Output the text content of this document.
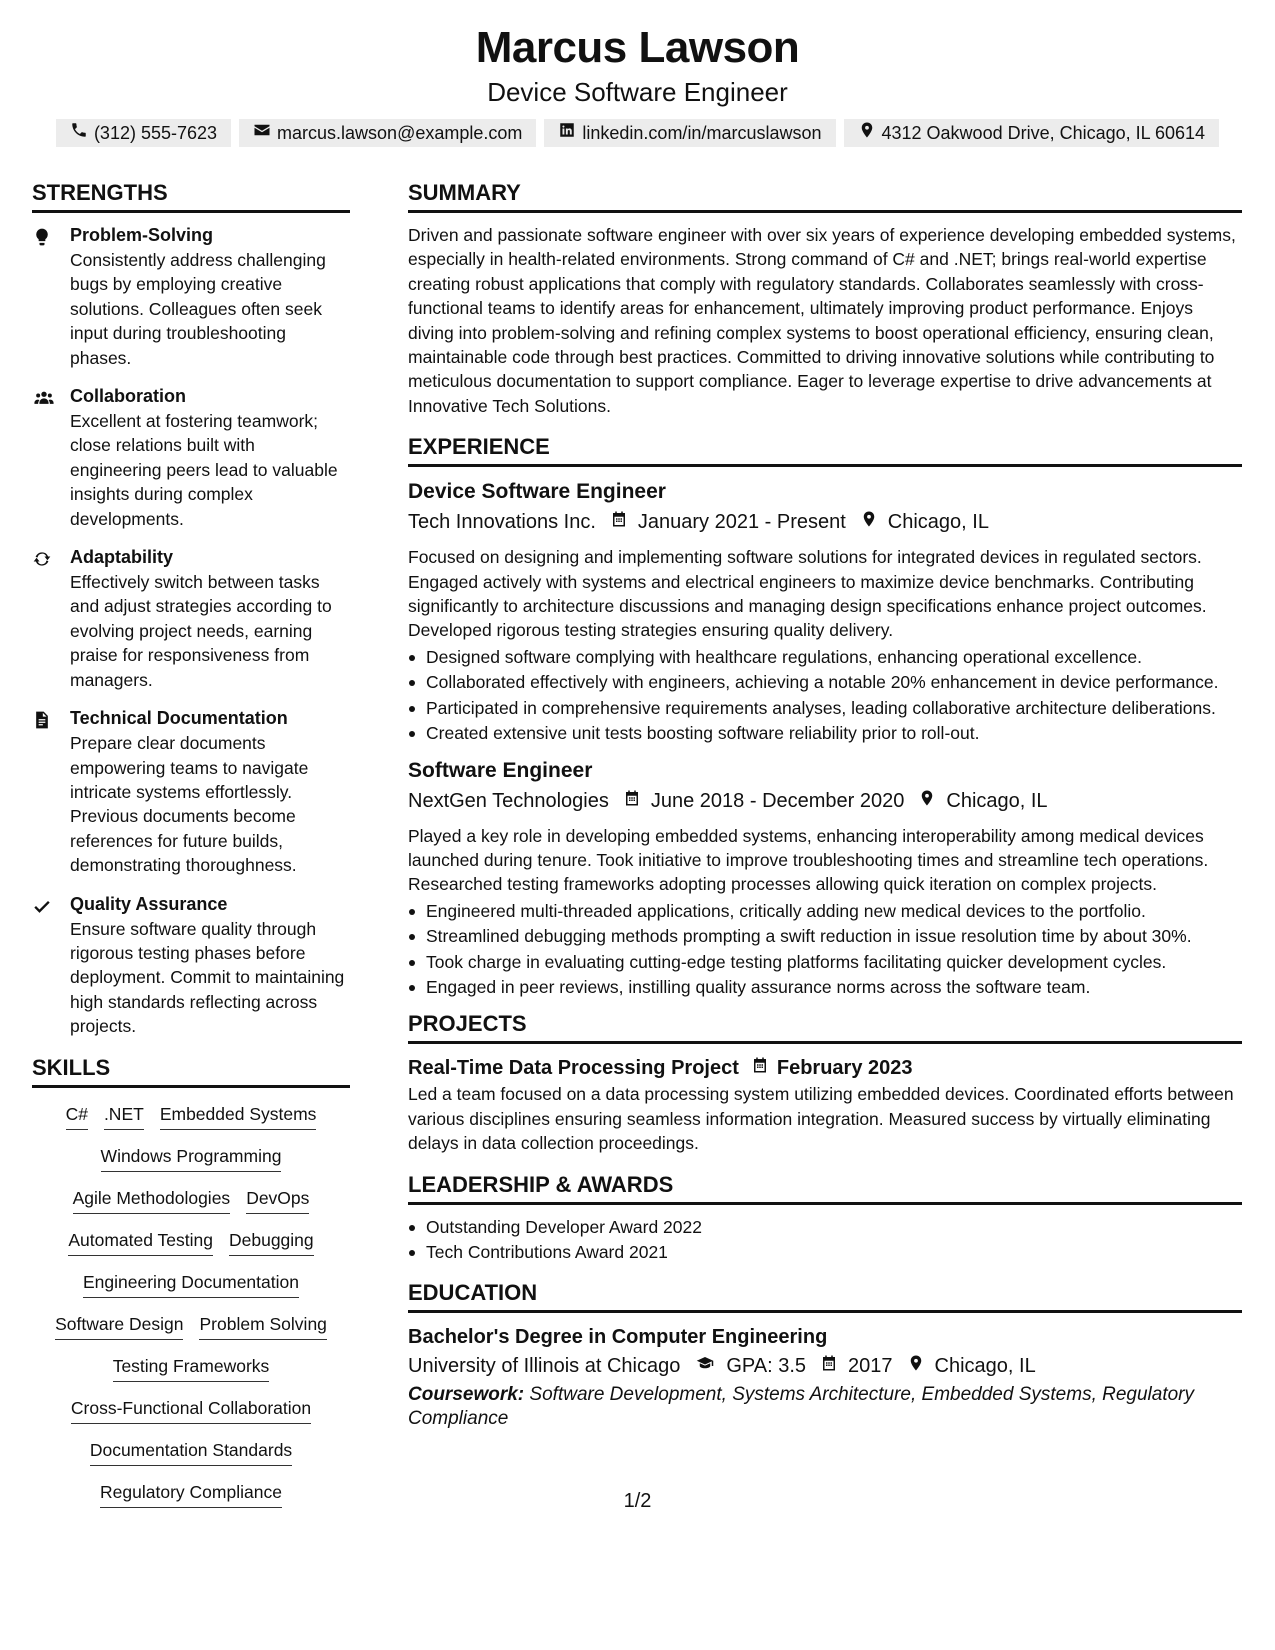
Marcus Lawson
Device Software Engineer
(312) 555-7623	marcus.lawson@example.com	linkedin.com/in/marcuslawson	4312 Oakwood Drive, Chicago, IL 60614
STRENGTHS
Problem-Solving
Consistently address challenging bugs by employing creative solutions. Colleagues often seek input during troubleshooting phases.
Collaboration
Excellent at fostering teamwork; close relations built with engineering peers lead to valuable insights during complex developments.
Adaptability
Effectively switch between tasks and adjust strategies according to evolving project needs, earning praise for responsiveness from managers.
Technical Documentation
Prepare clear documents empowering teams to navigate intricate systems effortlessly. Previous documents become references for future builds, demonstrating thoroughness.
Quality Assurance
Ensure software quality through rigorous testing phases before deployment. Commit to maintaining high standards reflecting across projects.
SKILLS
C# .NET Embedded Systems
Windows Programming
Agile Methodologies DevOps
Automated Testing Debugging
Engineering Documentation
Software Design Problem Solving
Testing Frameworks
Cross-Functional Collaboration
Documentation Standards
Regulatory Compliance
SUMMARY
Driven and passionate software engineer with over six years of experience developing embedded systems, especially in health-related environments. Strong command of C# and .NET; brings real-world expertise creating robust applications that comply with regulatory standards. Collaborates seamlessly with cross-functional teams to identify areas for enhancement, ultimately improving product performance. Enjoys diving into problem-solving and refining complex systems to boost operational efficiency, ensuring clean, maintainable code through best practices. Committed to driving innovative solutions while contributing to meticulous documentation to support compliance. Eager to leverage expertise to drive advancements at Innovative Tech Solutions.
EXPERIENCE
Device Software Engineer
Tech Innovations Inc. January 2021 - Present Chicago, IL
Focused on designing and implementing software solutions for integrated devices in regulated sectors. Engaged actively with systems and electrical engineers to maximize device benchmarks. Contributing significantly to architecture discussions and managing design specifications enhance project outcomes. Developed rigorous testing strategies ensuring quality delivery.
Designed software complying with healthcare regulations, enhancing operational excellence.
Collaborated effectively with engineers, achieving a notable 20% enhancement in device performance.
Participated in comprehensive requirements analyses, leading collaborative architecture deliberations.
Created extensive unit tests boosting software reliability prior to roll-out.
Software Engineer
NextGen Technologies June 2018 - December 2020 Chicago, IL
Played a key role in developing embedded systems, enhancing interoperability among medical devices launched during tenure. Took initiative to improve troubleshooting times and streamline tech operations. Researched testing frameworks adopting processes allowing quick iteration on complex projects.
Engineered multi-threaded applications, critically adding new medical devices to the portfolio.
Streamlined debugging methods prompting a swift reduction in issue resolution time by about 30%.
Took charge in evaluating cutting-edge testing platforms facilitating quicker development cycles.
Engaged in peer reviews, instilling quality assurance norms across the software team.
PROJECTS
Real-Time Data Processing Project February 2023
Led a team focused on a data processing system utilizing embedded devices. Coordinated efforts between various disciplines ensuring seamless information integration. Measured success by virtually eliminating delays in data collection proceedings.
LEADERSHIP & AWARDS
Outstanding Developer Award 2022
Tech Contributions Award 2021
EDUCATION
Bachelor's Degree in Computer Engineering
University of Illinois at Chicago GPA: 3.5 2017 Chicago, IL
Coursework: Software Development, Systems Architecture, Embedded Systems, Regulatory Compliance
1/2
